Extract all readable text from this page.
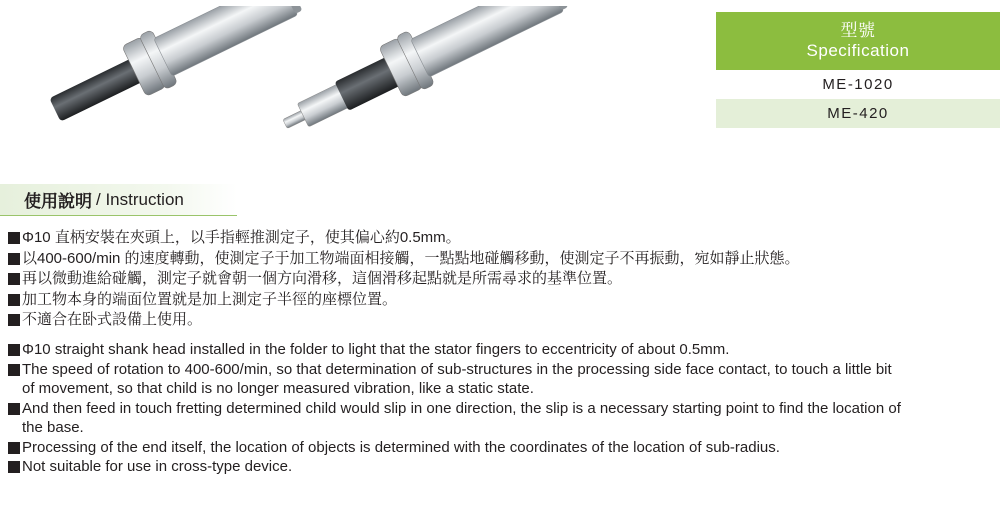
型號
Specification
ME-1020
ME-420
使用說明 / Instruction
Φ10 直柄安裝在夾頭上，以手指輕推測定子，使其偏心約0.5mm。
以400-600/min 的速度轉動，使測定子于加工物端面相接觸，一點點地碰觸移動，使測定子不再振動，宛如靜止狀態。
再以微動進給碰觸，測定子就會朝一個方向滑移，這個滑移起點就是所需尋求的基準位置。
加工物本身的端面位置就是加上測定子半徑的座標位置。
不適合在卧式設備上使用。
Φ10 straight shank head installed in the folder to light that the stator fingers to eccentricity of about 0.5mm.
The speed of rotation to 400-600/min, so that determination of sub-structures in the processing side face contact, to touch a little bit of movement, so that child is no longer measured vibration, like a static state.
And then feed in touch fretting determined child would slip in one direction, the slip is a necessary starting point to find the location of the base.
Processing of the end itself, the location of objects is determined with the coordinates of the location of sub-radius.
Not suitable for use in cross-type device.
